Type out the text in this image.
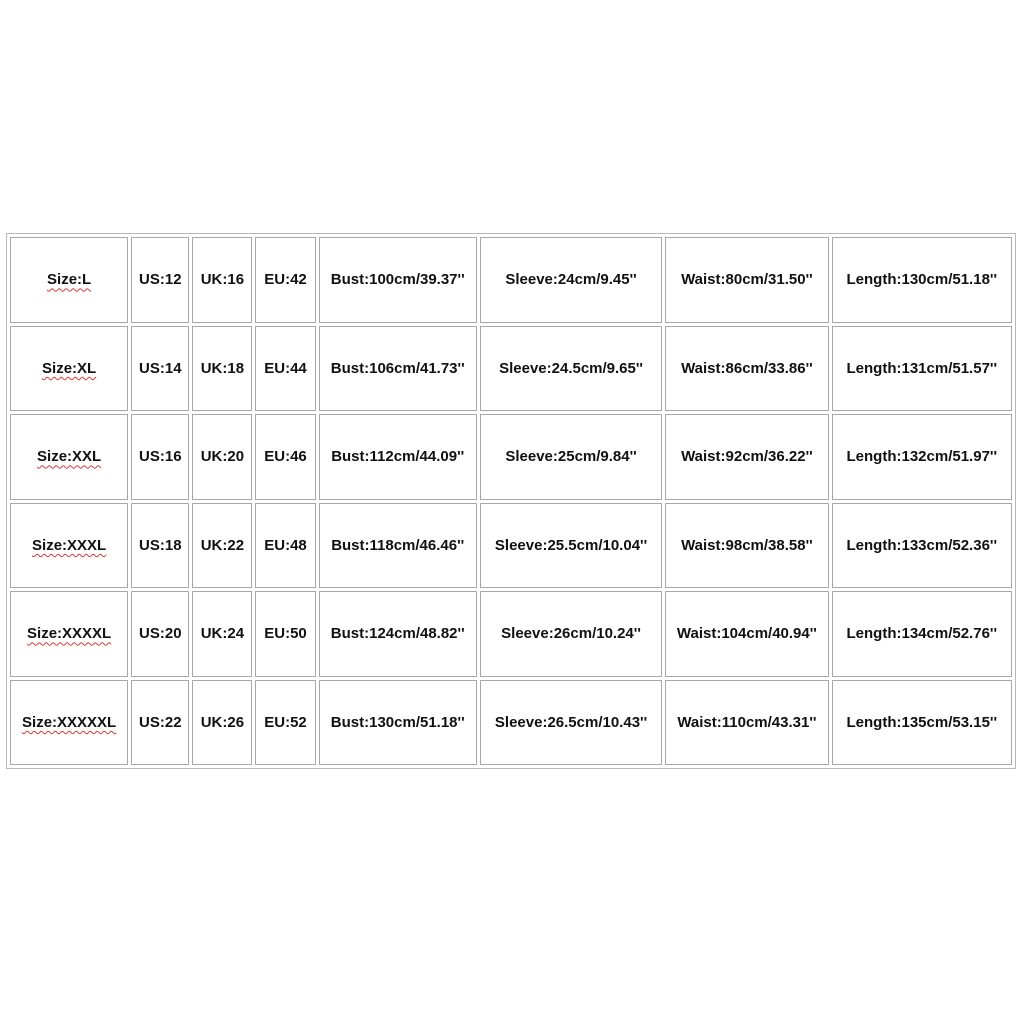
Size:L	US:12	UK:16	EU:42	Bust:100cm/39.37''	Sleeve:24cm/9.45''	Waist:80cm/31.50''	Length:130cm/51.18''
Size:XL	US:14	UK:18	EU:44	Bust:106cm/41.73''	Sleeve:24.5cm/9.65''	Waist:86cm/33.86''	Length:131cm/51.57''
Size:XXL	US:16	UK:20	EU:46	Bust:112cm/44.09''	Sleeve:25cm/9.84''	Waist:92cm/36.22''	Length:132cm/51.97''
Size:XXXL	US:18	UK:22	EU:48	Bust:118cm/46.46''	Sleeve:25.5cm/10.04''	Waist:98cm/38.58''	Length:133cm/52.36''
Size:XXXXL	US:20	UK:24	EU:50	Bust:124cm/48.82''	Sleeve:26cm/10.24''	Waist:104cm/40.94''	Length:134cm/52.76''
Size:XXXXXL	US:22	UK:26	EU:52	Bust:130cm/51.18''	Sleeve:26.5cm/10.43''	Waist:110cm/43.31''	Length:135cm/53.15''
